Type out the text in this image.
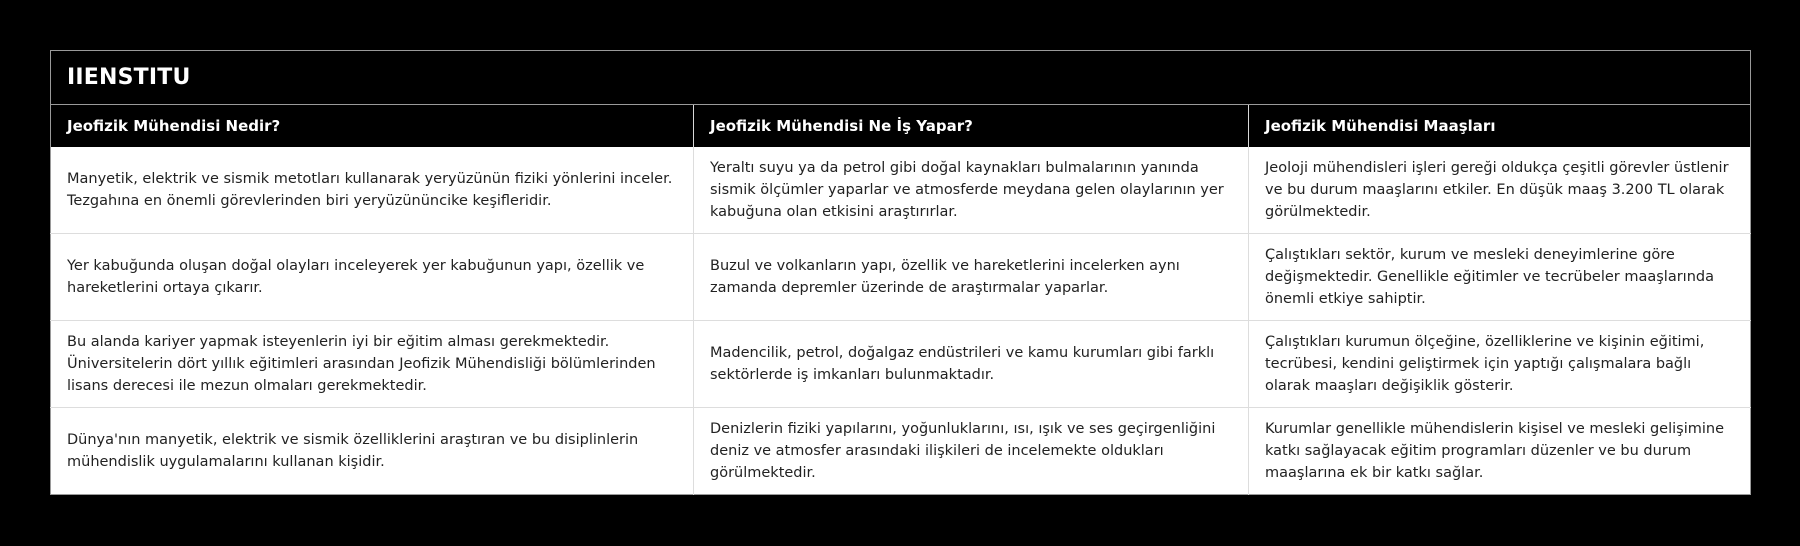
IIENSTITU		
Jeofizik Mühendisi Nedir?	Jeofizik Mühendisi Ne İş Yapar?	Jeofizik Mühendisi Maaşları
Manyetik, elektrik ve sismik metotları kullanarak yeryüzünün fiziki yönlerini inceler. Tezgahına en önemli görevlerinden biri yeryüzününcike keşifleridir.	Yeraltı suyu ya da petrol gibi doğal kaynakları bulmalarının yanında sismik ölçümler yaparlar ve atmosferde meydana gelen olaylarının yer kabuğuna olan etkisini araştırırlar.	Jeoloji mühendisleri işleri gereği oldukça çeşitli görevler üstlenir ve bu durum maaşlarını etkiler. En düşük maaş 3.200 TL olarak görülmektedir.
Yer kabuğunda oluşan doğal olayları inceleyerek yer kabuğunun yapı, özellik ve hareketlerini ortaya çıkarır.	Buzul ve volkanların yapı, özellik ve hareketlerini incelerken aynı zamanda depremler üzerinde de araştırmalar yaparlar.	Çalıştıkları sektör, kurum ve mesleki deneyimlerine göre değişmektedir. Genellikle eğitimler ve tecrübeler maaşlarında önemli etkiye sahiptir.
Bu alanda kariyer yapmak isteyenlerin iyi bir eğitim alması gerekmektedir. Üniversitelerin dört yıllık eğitimleri arasından Jeofizik Mühendisliği bölümlerinden lisans derecesi ile mezun olmaları gerekmektedir.	Madencilik, petrol, doğalgaz endüstrileri ve kamu kurumları gibi farklı sektörlerde iş imkanları bulunmaktadır.	Çalıştıkları kurumun ölçeğine, özelliklerine ve kişinin eğitimi, tecrübesi, kendini geliştirmek için yaptığı çalışmalara bağlı olarak maaşları değişiklik gösterir.
Dünya'nın manyetik, elektrik ve sismik özelliklerini araştıran ve bu disiplinlerin mühendislik uygulamalarını kullanan kişidir.	Denizlerin fiziki yapılarını, yoğunluklarını, ısı, ışık ve ses geçirgenliğini deniz ve atmosfer arasındaki ilişkileri de incelemekte oldukları görülmektedir.	Kurumlar genellikle mühendislerin kişisel ve mesleki gelişimine katkı sağlayacak eğitim programları düzenler ve bu durum maaşlarına ek bir katkı sağlar.
